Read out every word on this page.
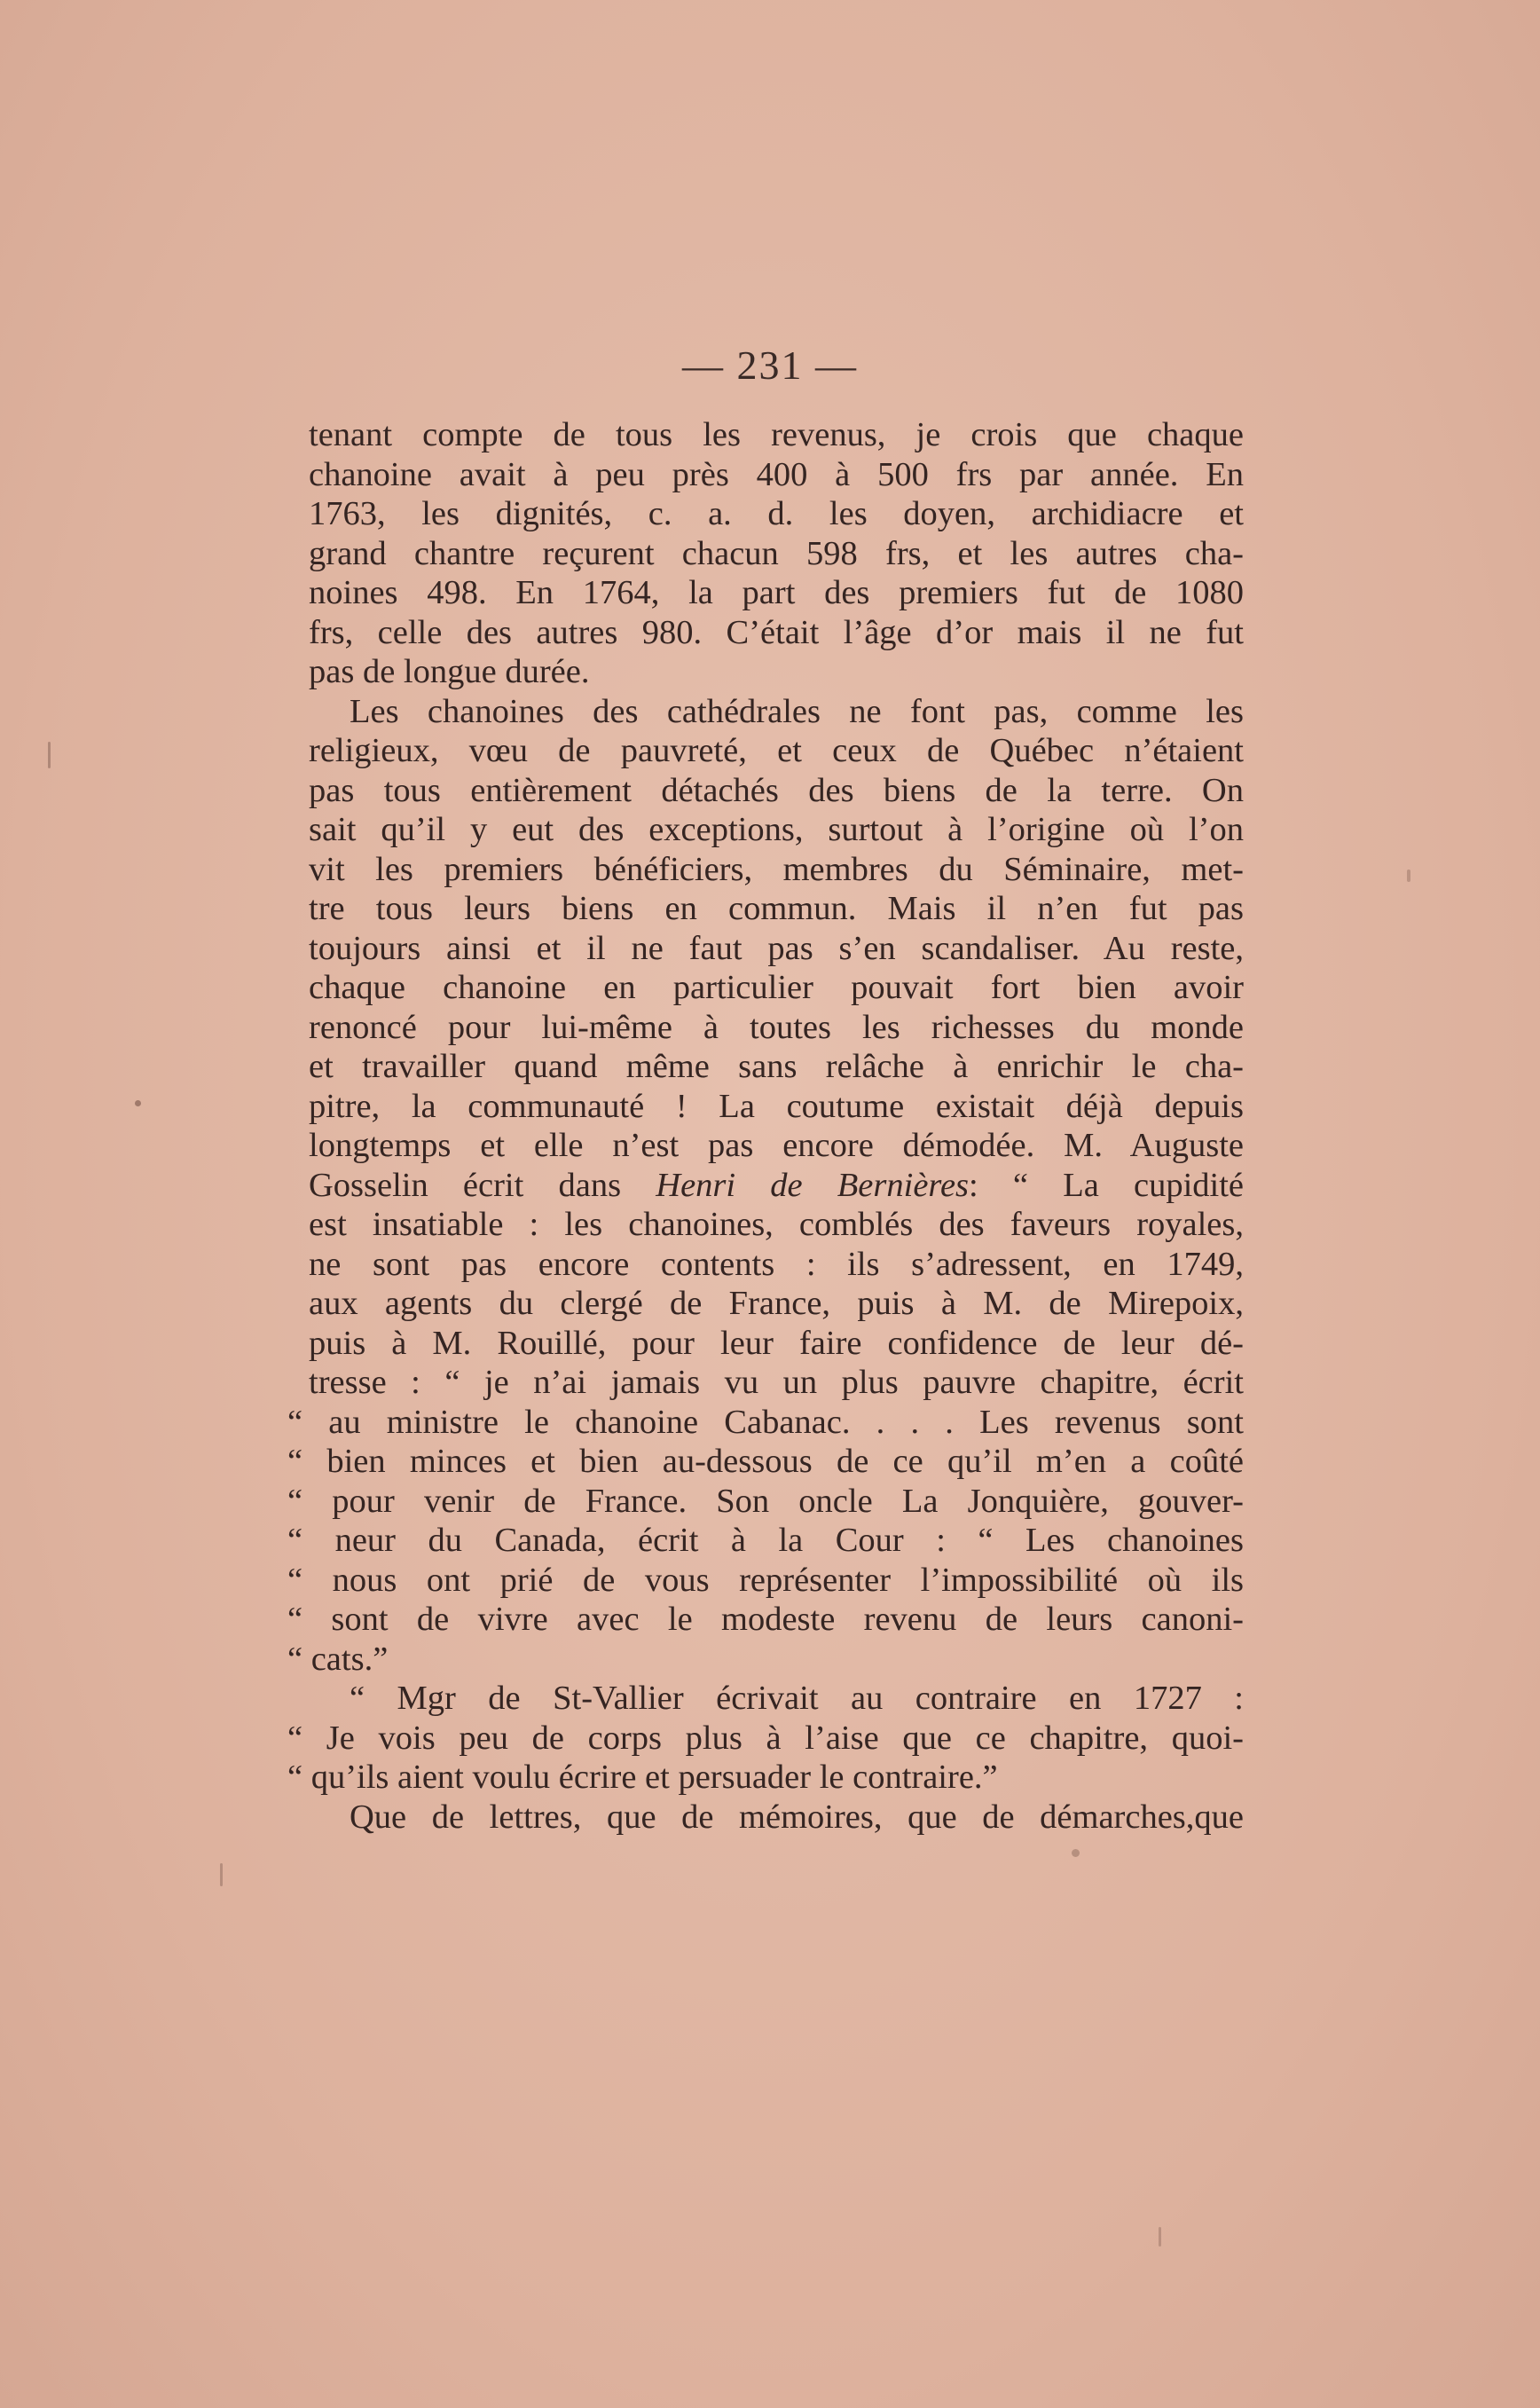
— 231 —
tenant compte de tous les revenus, je crois que chaque
chanoine avait à peu près 400 à 500 frs par année. En
1763, les dignités, c. a. d. les doyen, archidiacre et
grand chantre reçurent chacun 598 frs, et les autres cha-
noines 498. En 1764, la part des premiers fut de 1080
frs, celle des autres 980. C’était l’âge d’or mais il ne fut
pas de longue durée.
Les chanoines des cathédrales ne font pas, comme les
religieux, vœu de pauvreté, et ceux de Québec n’étaient
pas tous entièrement détachés des biens de la terre. On
sait qu’il y eut des exceptions, surtout à l’origine où l’on
vit les premiers bénéficiers, membres du Séminaire, met-
tre tous leurs biens en commun. Mais il n’en fut pas
toujours ainsi et il ne faut pas s’en scandaliser. Au reste,
chaque chanoine en particulier pouvait fort bien avoir
renoncé pour lui-même à toutes les richesses du monde
et travailler quand même sans relâche à enrichir le cha-
pitre, la communauté ! La coutume existait déjà depuis
longtemps et elle n’est pas encore démodée. M. Auguste
Gosselin écrit dans Henri de Bernières: “ La cupidité
est insatiable : les chanoines, comblés des faveurs royales,
ne sont pas encore contents : ils s’adressent, en 1749,
aux agents du clergé de France, puis à M. de Mirepoix,
puis à M. Rouillé, pour leur faire confidence de leur dé-
tresse : “ je n’ai jamais vu un plus pauvre chapitre, écrit
“ au ministre le chanoine Cabanac. . . . Les revenus sont
“ bien minces et bien au-dessous de ce qu’il m’en a coûté
“ pour venir de France. Son oncle La Jonquière, gouver-
“ neur du Canada, écrit à la Cour : “ Les chanoines
“ nous ont prié de vous représenter l’impossibilité où ils
“ sont de vivre avec le modeste revenu de leurs canoni-
“ cats.”
“ Mgr de St-Vallier écrivait au contraire en 1727 :
“ Je vois peu de corps plus à l’aise que ce chapitre, quoi-
“ qu’ils aient voulu écrire et persuader le contraire.”
Que de lettres, que de mémoires, que de démarches,que
